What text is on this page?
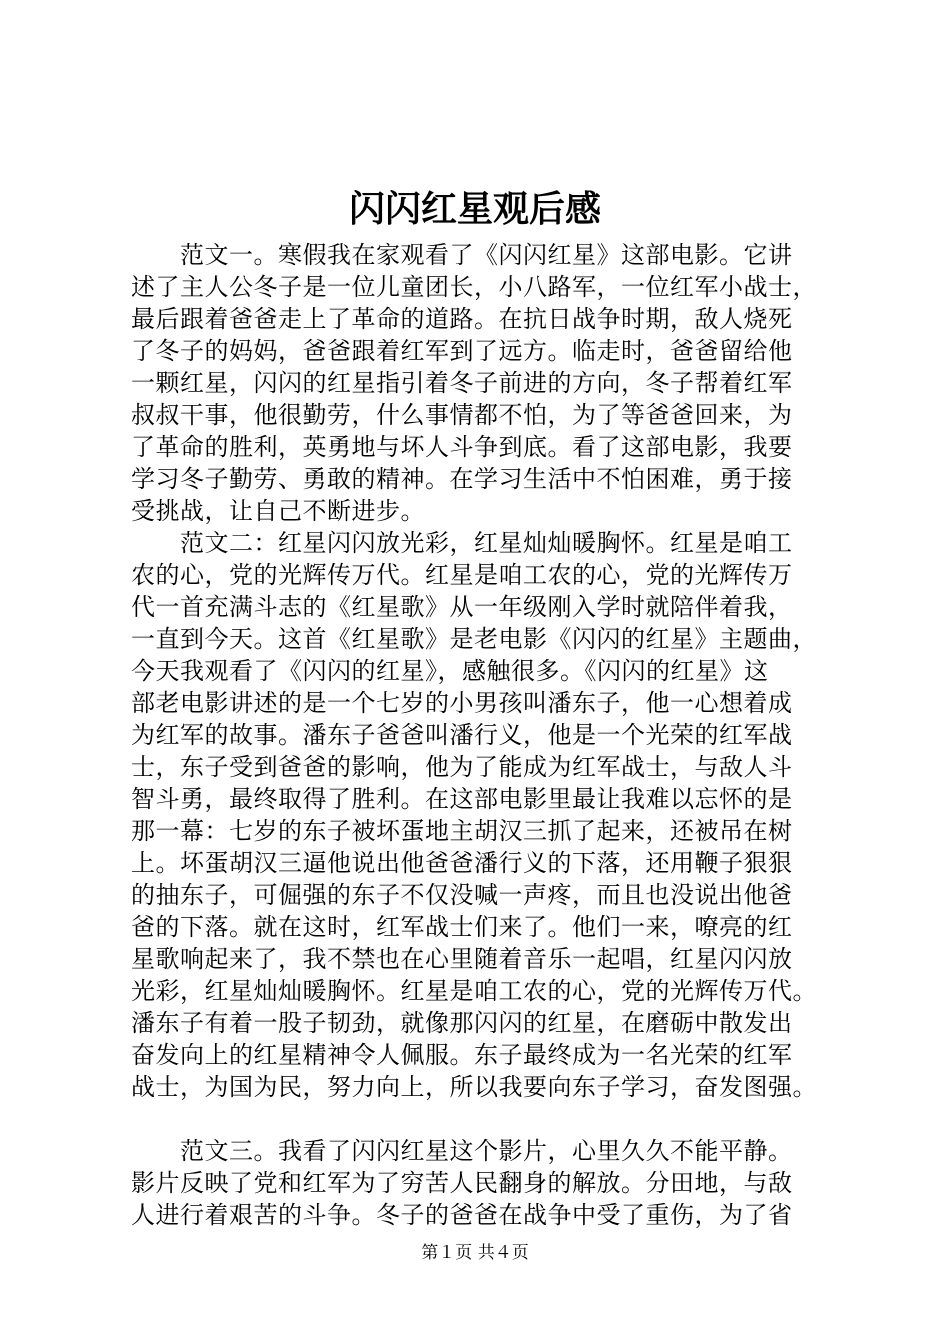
闪闪红星观后感
　　范文一。寒假我在家观看了《闪闪红星》这部电影。它讲
述了主人公冬子是一位儿童团长，小八路军，一位红军小战士，
最后跟着爸爸走上了革命的道路。在抗日战争时期，敌人烧死
了冬子的妈妈，爸爸跟着红军到了远方。临走时，爸爸留给他
一颗红星，闪闪的红星指引着冬子前进的方向，冬子帮着红军
叔叔干事，他很勤劳，什么事情都不怕，为了等爸爸回来，为
了革命的胜利，英勇地与坏人斗争到底。看了这部电影，我要
学习冬子勤劳、勇敢的精神。在学习生活中不怕困难，勇于接
受挑战，让自己不断进步。
　　范文二：红星闪闪放光彩，红星灿灿暖胸怀。红星是咱工
农的心，党的光辉传万代。红星是咱工农的心，党的光辉传万
代一首充满斗志的《红星歌》从一年级刚入学时就陪伴着我，
一直到今天。这首《红星歌》是老电影《闪闪的红星》主题曲，
今天我观看了《闪闪的红星》，感触很多。《闪闪的红星》这
部老电影讲述的是一个七岁的小男孩叫潘东子，他一心想着成
为红军的故事。潘东子爸爸叫潘行义，他是一个光荣的红军战
士，东子受到爸爸的影响，他为了能成为红军战士，与敌人斗
智斗勇，最终取得了胜利。在这部电影里最让我难以忘怀的是
那一幕：七岁的东子被坏蛋地主胡汉三抓了起来，还被吊在树
上。坏蛋胡汉三逼他说出他爸爸潘行义的下落，还用鞭子狠狠
的抽东子，可倔强的东子不仅没喊一声疼，而且也没说出他爸
爸的下落。就在这时，红军战士们来了。他们一来，嘹亮的红
星歌响起来了，我不禁也在心里随着音乐一起唱，红星闪闪放
光彩，红星灿灿暖胸怀。红星是咱工农的心，党的光辉传万代。
潘东子有着一股子韧劲，就像那闪闪的红星，在磨砺中散发出
奋发向上的红星精神令人佩服。东子最终成为一名光荣的红军
战士，为国为民，努力向上，所以我要向东子学习，奋发图强。
　　范文三。我看了闪闪红星这个影片，心里久久不能平静。
影片反映了党和红军为了穷苦人民翻身的解放。分田地，与敌
人进行着艰苦的斗争。冬子的爸爸在战争中受了重伤，为了省
第１页 共４页
